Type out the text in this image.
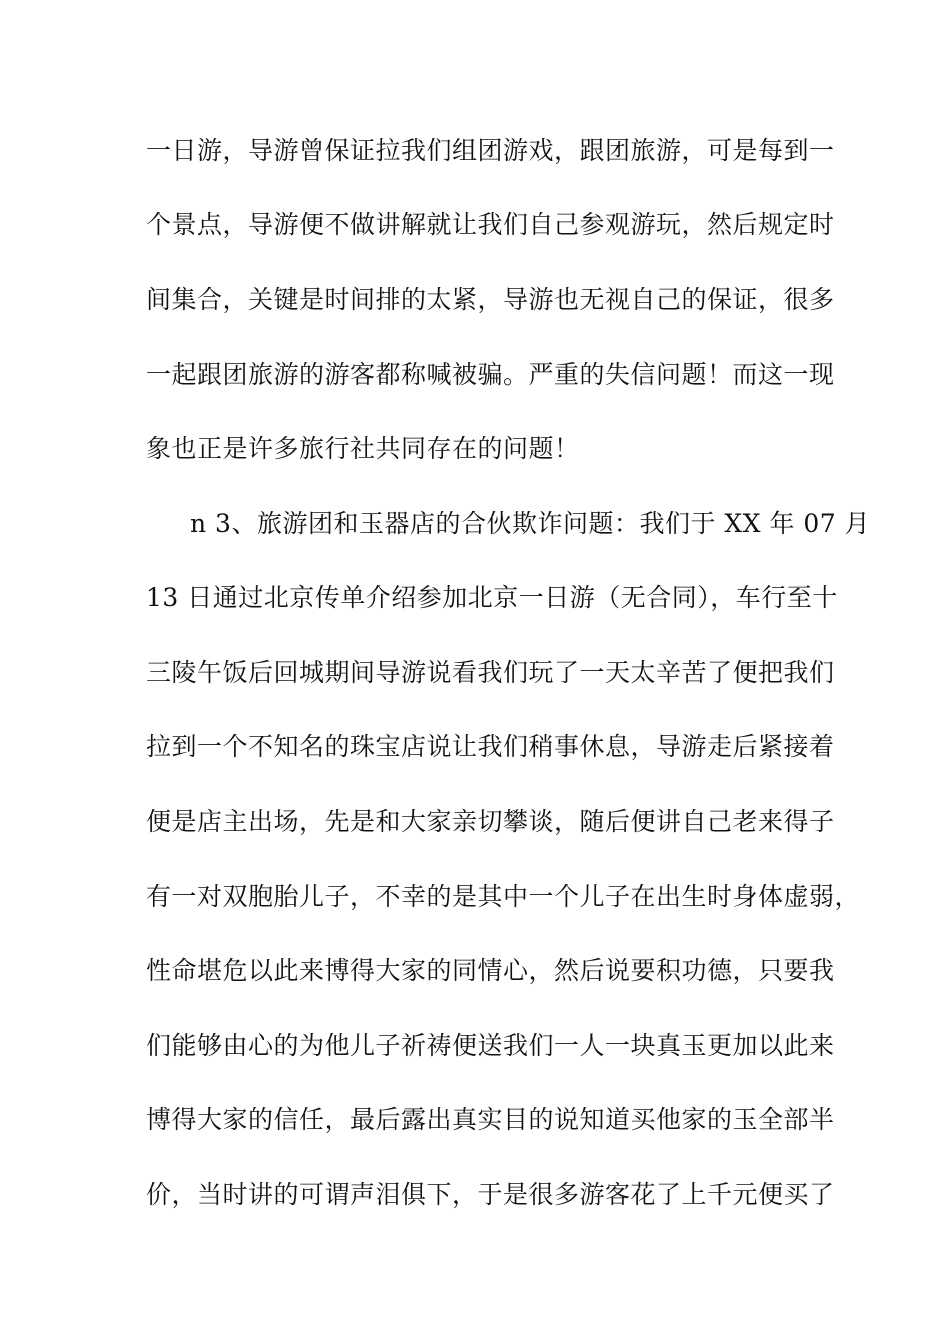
一日游，导游曾保证拉我们组团游戏，跟团旅游，可是每到一
个景点，导游便不做讲解就让我们自己参观游玩，然后规定时
间集合，关键是时间排的太紧，导游也无视自己的保证，很多
一起跟团旅游的游客都称喊被骗。严重的失信问题！而这一现
象也正是许多旅行社共同存在的问题！
n 3、旅游团和玉器店的合伙欺诈问题：我们于 XX 年 07 月
13 日通过北京传单介绍参加北京一日游（无合同），车行至十
三陵午饭后回城期间导游说看我们玩了一天太辛苦了便把我们
拉到一个不知名的珠宝店说让我们稍事休息，导游走后紧接着
便是店主出场，先是和大家亲切攀谈，随后便讲自己老来得子
有一对双胞胎儿子，不幸的是其中一个儿子在出生时身体虚弱，
性命堪危以此来博得大家的同情心，然后说要积功德，只要我
们能够由心的为他儿子祈祷便送我们一人一块真玉更加以此来
博得大家的信任，最后露出真实目的说知道买他家的玉全部半
价，当时讲的可谓声泪俱下，于是很多游客花了上千元便买了
